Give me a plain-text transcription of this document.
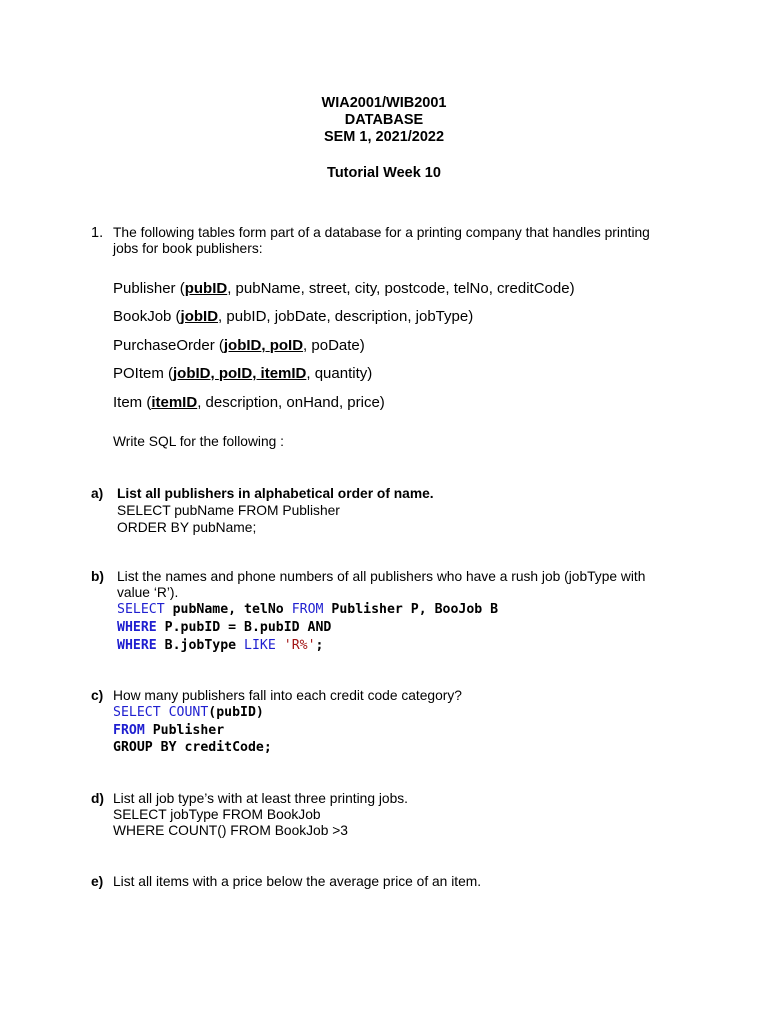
WIA2001/WIB2001
DATABASE
SEM 1, 2021/2022
Tutorial Week 10
1. The following tables form part of a database for a printing company that handles printing jobs for book publishers:
Publisher (pubID, pubName, street, city, postcode, telNo, creditCode)
BookJob (jobID, pubID, jobDate, description, jobType)
PurchaseOrder (jobID, poID, poDate)
POItem (jobID, poID, itemID, quantity)
Item (itemID, description, onHand, price)
Write SQL for the following :
a) List all publishers in alphabetical order of name.
SELECT pubName FROM Publisher
ORDER BY pubName;
b) List the names and phone numbers of all publishers who have a rush job (jobType with value ‘R’).
SELECT pubName, telNo FROM Publisher P, BooJob B
WHERE P.pubID = B.pubID AND
WHERE B.jobType LIKE 'R%';
c) How many publishers fall into each credit code category?
SELECT COUNT(pubID)
FROM Publisher
GROUP BY creditCode;
d) List all job type’s with at least three printing jobs.
SELECT jobType FROM BookJob
WHERE COUNT() FROM BookJob >3
e) List all items with a price below the average price of an item.
